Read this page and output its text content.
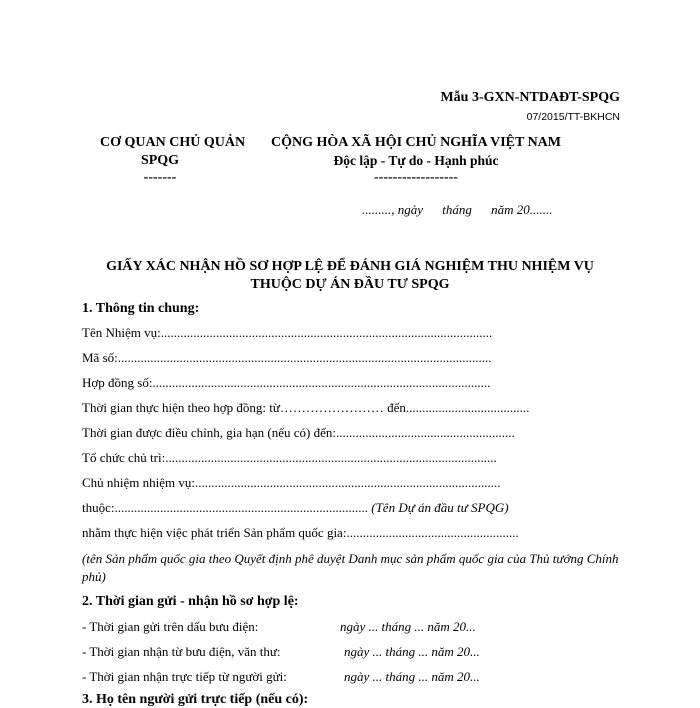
Mẫu 3-GXN-NTDAĐT-SPQG
07/2015/TT-BKHCN
CƠ QUAN CHỦ QUẢN
SPQG
-------
CỘNG HÒA XÃ HỘI CHỦ NGHĨA VIỆT NAM
Độc lập - Tự do - Hạnh phúc
------------------
........., ngày tháng năm 20.......
GIẤY XÁC NHẬN HỒ SƠ HỢP LỆ ĐỂ ĐÁNH GIÁ NGHIỆM THU NHIỆM VỤ THUỘC DỰ ÁN ĐẦU TƯ SPQG
1. Thông tin chung:
Tên Nhiệm vụ:......................................................................................................
Mã số:...................................................................................................................
Hợp đồng số:........................................................................................................
Thời gian thực hiện theo hợp đồng: từ…………………… đến......................................
Thời gian được điều chỉnh, gia hạn (nếu có) đến:.......................................................
Tổ chức chủ trì:......................................................................................................
Chủ nhiệm nhiệm vụ:..............................................................................................
thuộc:.............................................................................. (Tên Dự án đầu tư SPQG)
nhằm thực hiện việc phát triển Sản phẩm quốc gia:.....................................................
(tên Sản phẩm quốc gia theo Quyết định phê duyệt Danh mục sản phẩm quốc gia của Thủ tướng Chính phủ)
2. Thời gian gửi - nhận hồ sơ hợp lệ:
- Thời gian gửi trên dấu bưu điện:	ngày ... tháng ... năm 20...
- Thời gian nhận từ bưu điện, văn thư:	ngày ... tháng ... năm 20...
- Thời gian nhận trực tiếp từ người gửi:	ngày ... tháng ... năm 20...
3. Họ tên người gửi trực tiếp (nếu có):
